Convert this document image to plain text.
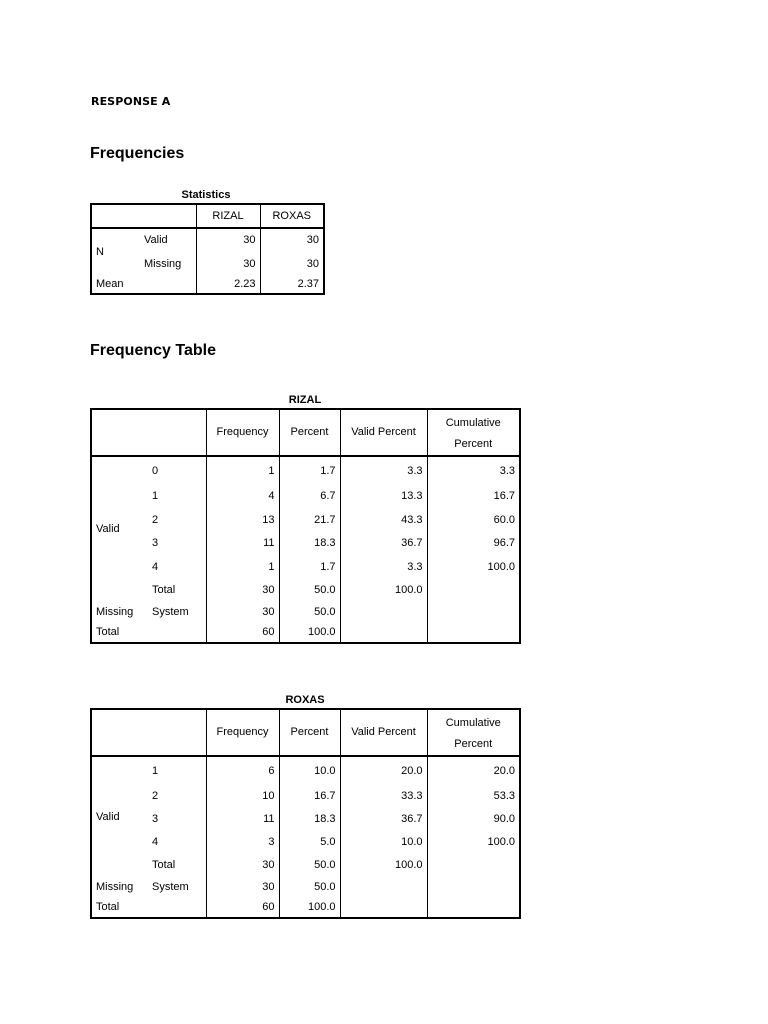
RESPONSE A
Frequencies
Statistics
		RIZAL	ROXAS
N	Valid	30	30
	Missing	30	30
Mean		2.23	2.37
Frequency Table
RIZAL
		Frequency	Percent	Valid Percent	Cumulative
Percent
Valid	0	1	1.7	3.3	3.3
	1	4	6.7	13.3	16.7
	2	13	21.7	43.3	60.0
	3	11	18.3	36.7	96.7
	4	1	1.7	3.3	100.0
	Total	30	50.0	100.0	
Missing	System	30	50.0		
Total		60	100.0		
ROXAS
		Frequency	Percent	Valid Percent	Cumulative
Percent
Valid	1	6	10.0	20.0	20.0
	2	10	16.7	33.3	53.3
	3	11	18.3	36.7	90.0
	4	3	5.0	10.0	100.0
	Total	30	50.0	100.0	
Missing	System	30	50.0		
Total		60	100.0		
